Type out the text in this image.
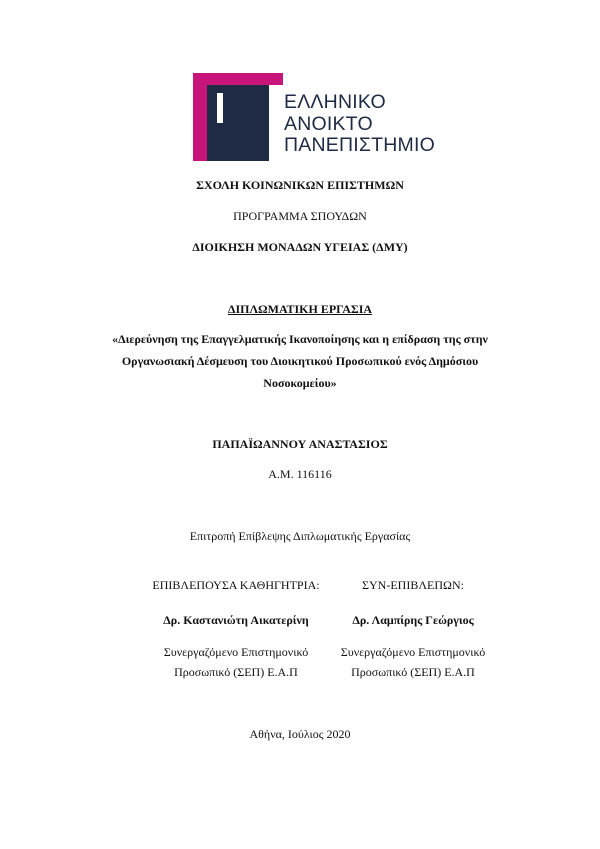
ΕΛΛΗΝΙΚΟ
ΑΝΟΙΚΤΟ
ΠΑΝΕΠΙΣΤΗΜΙΟ
ΣΧΟΛΗ ΚΟΙΝΩΝΙΚΩΝ ΕΠΙΣΤΗΜΩΝ
ΠΡΟΓΡΑΜΜΑ ΣΠΟΥΔΩΝ
ΔΙΟΙΚΗΣΗ ΜΟΝΑΔΩΝ ΥΓΕΙΑΣ (ΔΜΥ)
ΔΙΠΛΩΜΑΤΙΚΗ ΕΡΓΑΣΙΑ
«Διερεύνηση της Επαγγελματικής Ικανοποίησης και η επίδραση της στην Οργανωσιακή Δέσμευση του Διοικητικού Προσωπικού ενός Δημόσιου Νοσοκομείου»
ΠΑΠΑΪΩΑΝΝΟΥ ΑΝΑΣΤΑΣΙΟΣ
Α.Μ. 116116
Επιτροπή Επίβλεψης Διπλωματικής Εργασίας
ΕΠΙΒΛΕΠΟΥΣΑ ΚΑΘΗΓΗΤΡΙΑ:
Δρ. Καστανιώτη Αικατερίνη
Συνεργαζόμενο Επιστημονικό
Προσωπικό (ΣΕΠ) Ε.Α.Π
ΣΥΝ-ΕΠΙΒΛΕΠΩΝ:
Δρ. Λαμπίρης Γεώργιος
Συνεργαζόμενο Επιστημονικό
Προσωπικό (ΣΕΠ) Ε.Α.Π
Αθήνα, Ιούλιος 2020
